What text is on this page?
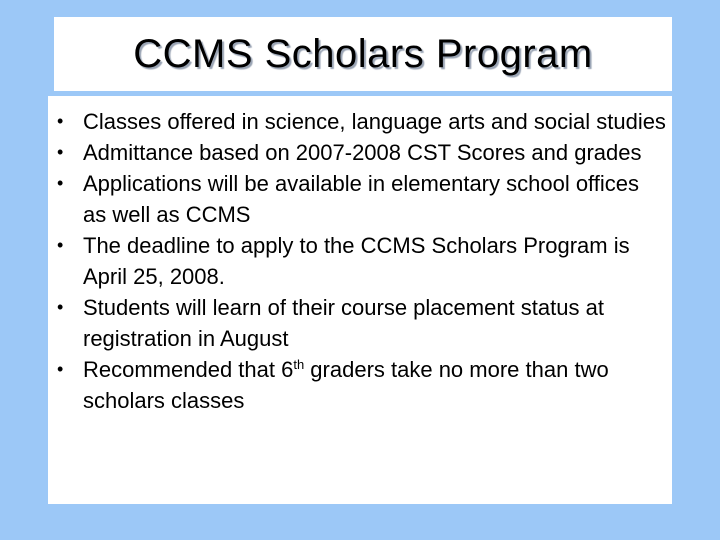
CCMS Scholars Program
• Classes offered in science, language arts and social studies
• Admittance based on 2007-2008 CST Scores and grades
• Applications will be available in elementary school offices as well as CCMS
• The deadline to apply to the CCMS Scholars Program is April 25, 2008.
• Students will learn of their course placement status at registration in August
• Recommended that 6th graders take no more than two scholars classes
